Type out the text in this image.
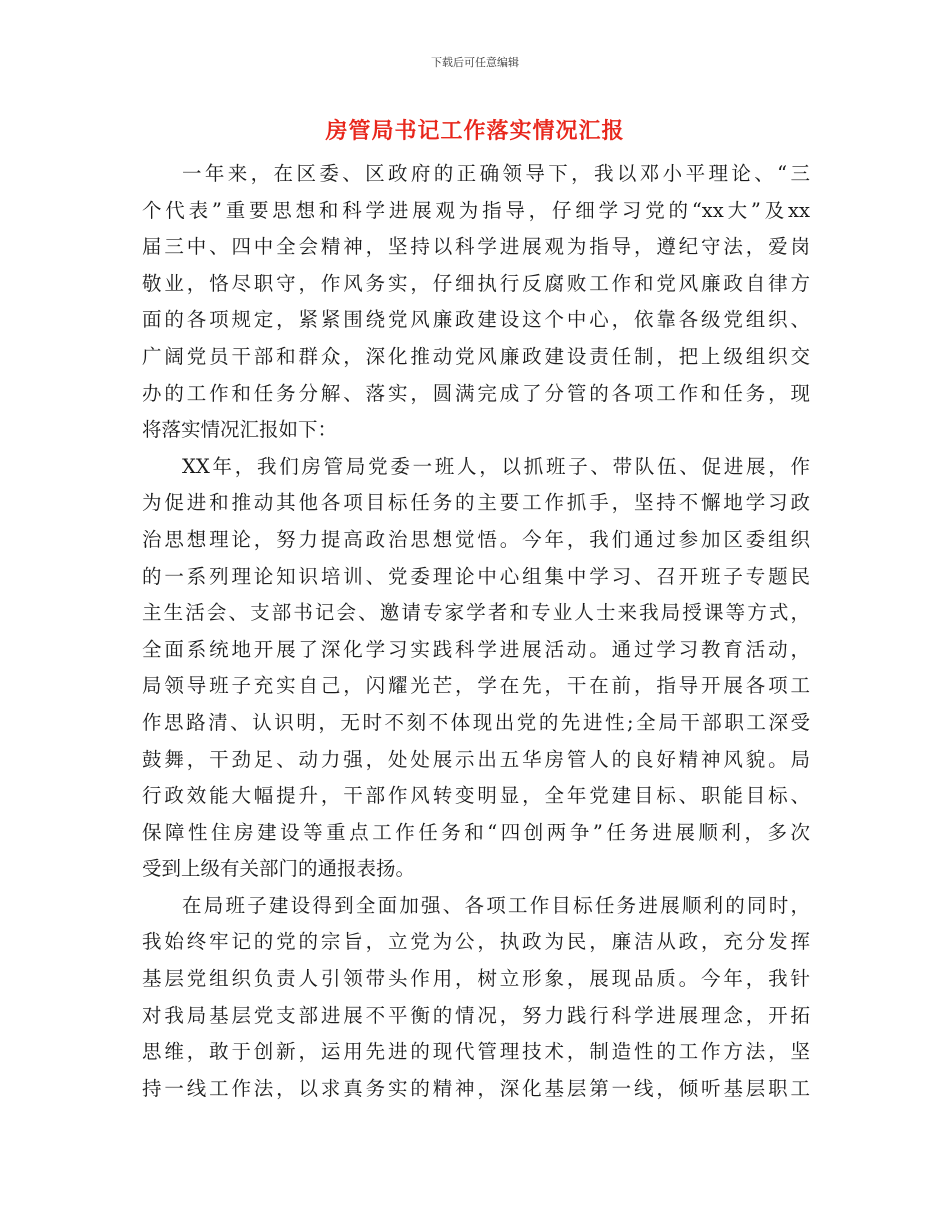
下载后可任意编辑
房管局书记工作落实情况汇报
一年来，在区委、区政府的正确领导下，我以邓小平理论、“三
个代表”重要思想和科学进展观为指导，仔细学习党的“xx大”及xx
届三中、四中全会精神，坚持以科学进展观为指导，遵纪守法，爱岗
敬业，恪尽职守，作风务实，仔细执行反腐败工作和党风廉政自律方
面的各项规定，紧紧围绕党风廉政建设这个中心，依靠各级党组织、
广阔党员干部和群众，深化推动党风廉政建设责任制，把上级组织交
办的工作和任务分解、落实，圆满完成了分管的各项工作和任务，现
将落实情况汇报如下：
XX年，我们房管局党委一班人，以抓班子、带队伍、促进展，作
为促进和推动其他各项目标任务的主要工作抓手，坚持不懈地学习政
治思想理论，努力提高政治思想觉悟。今年，我们通过参加区委组织
的一系列理论知识培训、党委理论中心组集中学习、召开班子专题民
主生活会、支部书记会、邀请专家学者和专业人士来我局授课等方式，
全面系统地开展了深化学习实践科学进展活动。通过学习教育活动，
局领导班子充实自己，闪耀光芒，学在先，干在前，指导开展各项工
作思路清、认识明，无时不刻不体现出党的先进性;全局干部职工深受
鼓舞，干劲足、动力强，处处展示出五华房管人的良好精神风貌。局
行政效能大幅提升，干部作风转变明显，全年党建目标、职能目标、
保障性住房建设等重点工作任务和“四创两争”任务进展顺利，多次
受到上级有关部门的通报表扬。
在局班子建设得到全面加强、各项工作目标任务进展顺利的同时，
我始终牢记的党的宗旨，立党为公，执政为民，廉洁从政，充分发挥
基层党组织负责人引领带头作用，树立形象，展现品质。今年，我针
对我局基层党支部进展不平衡的情况，努力践行科学进展理念，开拓
思维，敢于创新，运用先进的现代管理技术，制造性的工作方法，坚
持一线工作法，以求真务实的精神，深化基层第一线，倾听基层职工
